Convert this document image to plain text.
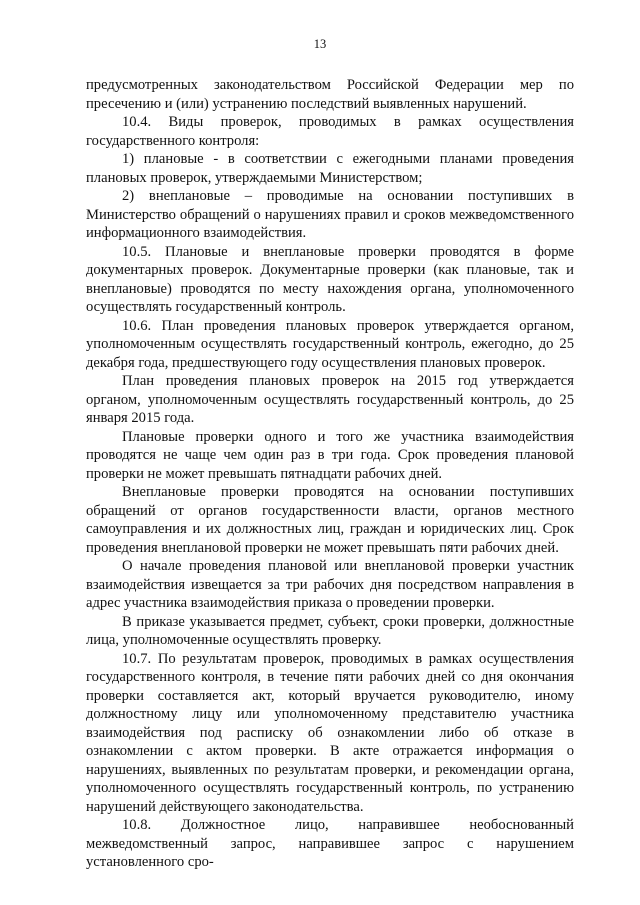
13

предусмотренных законодательством Российской Федерации мер по пресечению и (или) устранению последствий выявленных нарушений.

10.4. Виды проверок, проводимых в рамках осуществления государственного контроля:

1) плановые - в соответствии с ежегодными планами проведения плановых проверок, утверждаемыми Министерством;

2) внеплановые – проводимые на основании поступивших в Министерство обращений о нарушениях правил и сроков межведомственного информационного взаимодействия.

10.5. Плановые и внеплановые проверки проводятся в форме документарных проверок. Документарные проверки (как плановые, так и внеплановые) проводятся по месту нахождения органа, уполномоченного осуществлять государственный контроль.

10.6. План проведения плановых проверок утверждается органом, уполномоченным осуществлять государственный контроль, ежегодно, до 25 декабря года, предшествующего году осуществления плановых проверок.

План проведения плановых проверок на 2015 год утверждается органом, уполномоченным осуществлять государственный контроль, до 25 января 2015 года.

Плановые проверки одного и того же участника взаимодействия проводятся не чаще чем один раз в три года. Срок проведения плановой проверки не может превышать пятнадцати рабочих дней.

Внеплановые проверки проводятся на основании поступивших обращений от органов государственности власти, органов местного самоуправления и их должностных лиц, граждан и юридических лиц. Срок проведения внеплановой проверки не может превышать пяти рабочих дней.

О начале проведения плановой или внеплановой проверки участник взаимодействия извещается за три рабочих дня посредством направления в адрес участника взаимодействия приказа о проведении проверки.

В приказе указывается предмет, субъект, сроки проверки, должностные лица, уполномоченные осуществлять проверку.

10.7. По результатам проверок, проводимых в рамках осуществления государственного контроля, в течение пяти рабочих дней со дня окончания проверки составляется акт, который вручается руководителю, иному должностному лицу или уполномоченному представителю участника взаимодействия под расписку об ознакомлении либо об отказе в ознакомлении с актом проверки. В акте отражается информация о нарушениях, выявленных по результатам проверки, и рекомендации органа, уполномоченного осуществлять государственный контроль, по устранению нарушений действующего законодательства.

10.8. Должностное лицо, направившее необоснованный межведомственный запрос, направившее запрос с нарушением установленного сро-
